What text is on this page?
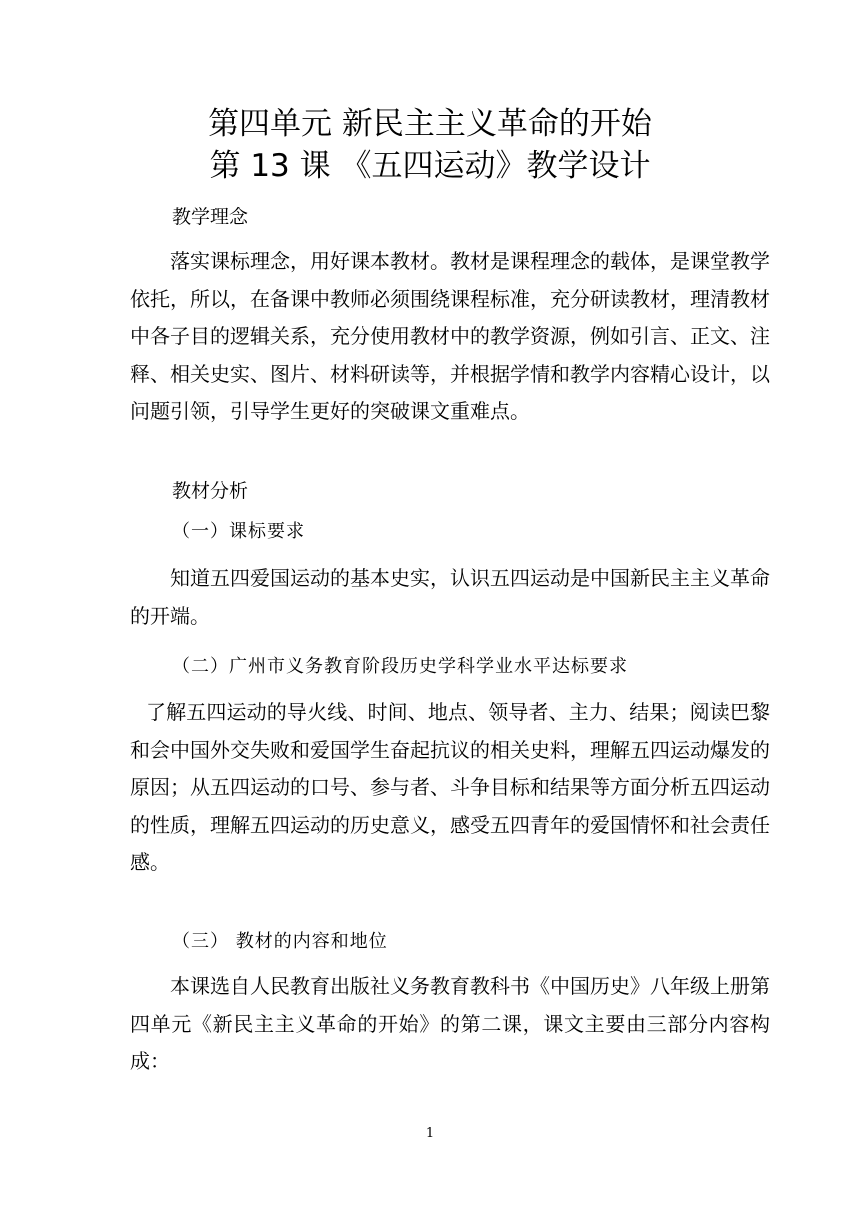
第四单元 新民主主义革命的开始
第 13 课 《五四运动》教学设计
教学理念
落实课标理念，用好课本教材。教材是课程理念的载体，是课堂教学依托，所以，在备课中教师必须围绕课程标准，充分研读教材，理清教材中各子目的逻辑关系，充分使用教材中的教学资源，例如引言、正文、注释、相关史实、图片、材料研读等，并根据学情和教学内容精心设计，以问题引领，引导学生更好的突破课文重难点。
教材分析
（一）课标要求
知道五四爱国运动的基本史实，认识五四运动是中国新民主主义革命的开端。
（二）广州市义务教育阶段历史学科学业水平达标要求
了解五四运动的导火线、时间、地点、领导者、主力、结果；阅读巴黎和会中国外交失败和爱国学生奋起抗议的相关史料，理解五四运动爆发的原因；从五四运动的口号、参与者、斗争目标和结果等方面分析五四运动的性质，理解五四运动的历史意义，感受五四青年的爱国情怀和社会责任感。
（三） 教材的内容和地位
本课选自人民教育出版社义务教育教科书《中国历史》八年级上册第四单元《新民主主义革命的开始》的第二课，课文主要由三部分内容构成：
1
